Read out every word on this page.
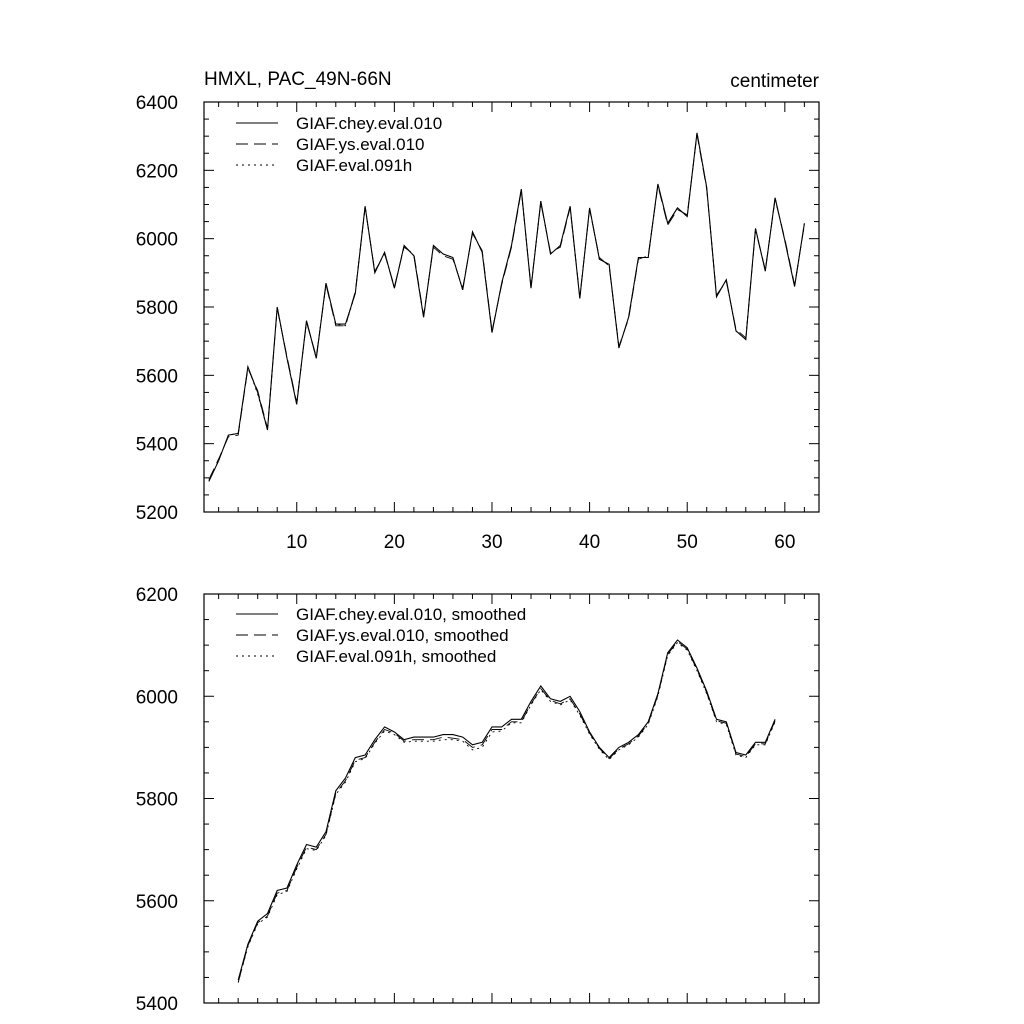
HMXL, PAC_49N-66N	centimeter
5200
5400
5600
5800
6000
6200
6400
10	20	30	40	50	60
GIAF.chey.eval.010
GIAF.ys.eval.010
GIAF.eval.091h
5400
5600
5800
6000
6200
GIAF.chey.eval.010, smoothed
GIAF.ys.eval.010, smoothed
GIAF.eval.091h, smoothed
